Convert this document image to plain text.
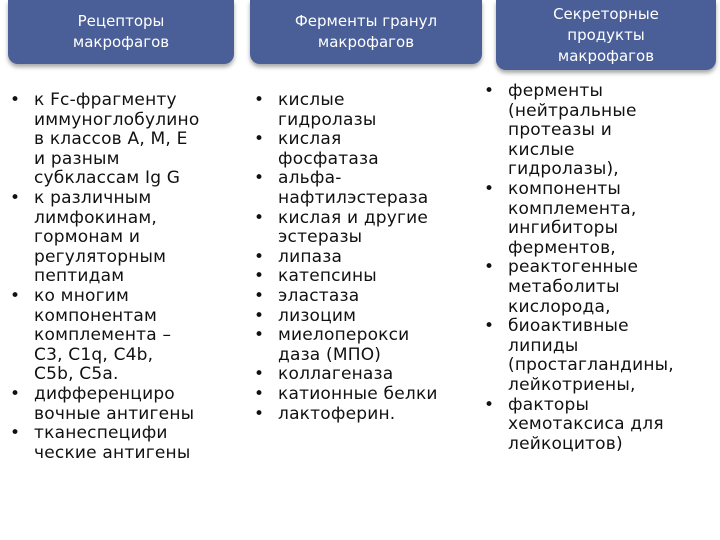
Рецепторы
макрофагов
Ферменты гранул
макрофагов
Секреторные
продукты
макрофагов
• к Fc-фрагменту
иммуноглобулино
в классов A, M, E
и разным
субклассам Ig G
• к различным
лимфокинам,
гормонам и
регуляторным
пептидам
• ко многим
компонентам
комплемента –
C3, C1q, C4b,
C5b, C5a.
• дифференциро
вочные антигены
• тканеспецифи
ческие антигены
• кислые
гидролазы
• кислая
фосфатаза
• альфа-
нафтилэстераза
• кислая и другие
эстеразы
• липаза
• катепсины
• эластаза
• лизоцим
• миелоперокси
даза (МПО)
• коллагеназа
• катионные белки
• лактоферин.
• ферменты
(нейтральные
протеазы и
кислые
гидролазы),
• компоненты
комплемента,
ингибиторы
ферментов,
• реактогенные
метаболиты
кислорода,
• биоактивные
липиды
(простагландины,
лейкотриены,
• факторы
хемотаксиса для
лейкоцитов)
